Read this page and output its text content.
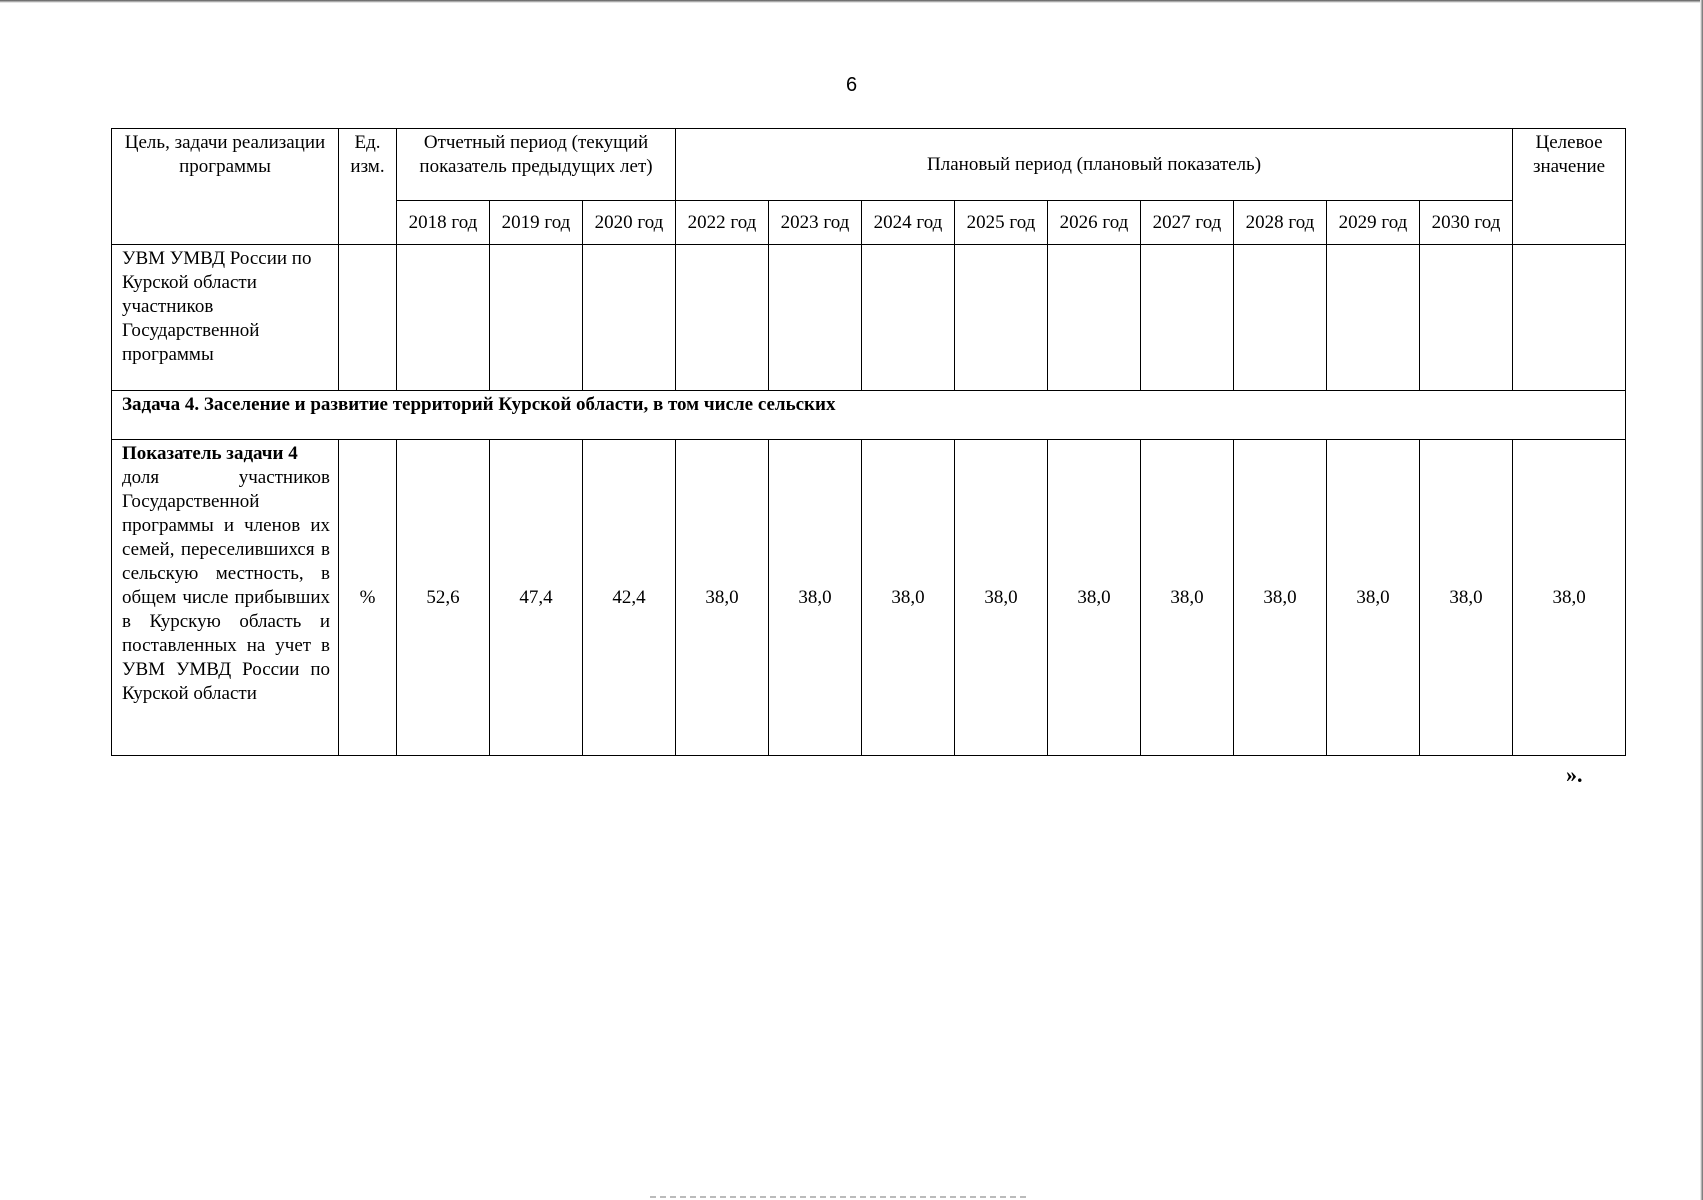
6
Цель, задачи реализации программы	Ед. изм.	Отчетный период (текущий показатель предыдущих лет)			Плановый период (плановый показатель)									Целевое значение
		2018 год	2019 год	2020 год	2022 год	2023 год	2024 год	2025 год	2026 год	2027 год	2028 год	2029 год	2030 год	
УВМ УМВД России по Курской области участников Государственной программы														
Задача 4. Заселение и развитие территорий Курской области, в том числе сельских														

Показатель задачи 4
доля участников Государственной программы и членов их семей, переселившихся в сельскую местность, в общем числе прибывших в Курскую область и поставленных на учет в УВМ УМВД России по Курской области	%	52,6	47,4	42,4	38,0	38,0	38,0	38,0	38,0	38,0	38,0	38,0	38,0	38,0
».
